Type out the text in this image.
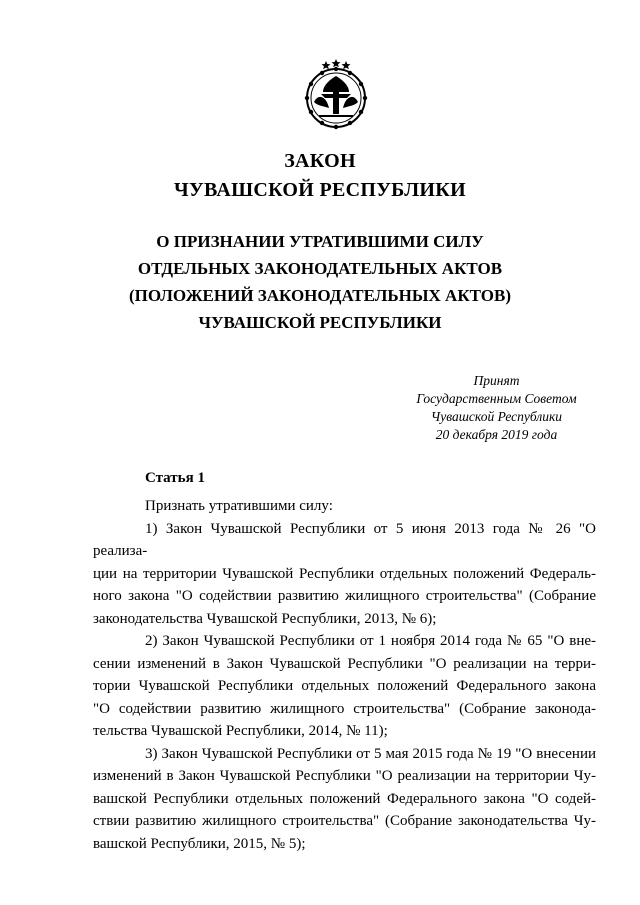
ЗАКОН
ЧУВАШСКОЙ РЕСПУБЛИКИ
О ПРИЗНАНИИ УТРАТИВШИМИ СИЛУ
ОТДЕЛЬНЫХ ЗАКОНОДАТЕЛЬНЫХ АКТОВ
(ПОЛОЖЕНИЙ ЗАКОНОДАТЕЛЬНЫХ АКТОВ)
ЧУВАШСКОЙ РЕСПУБЛИКИ
Принят
Государственным Советом
Чувашской Республики
20 декабря 2019 года
Статья 1

Признать утратившими силу:

1) Закон Чувашской Республики от 5 июня 2013 года № 26 "О реализа-

ции на территории Чувашской Республики отдельных положений Федераль-

ного закона "О содействии развитию жилищного строительства" (Собрание

законодательства Чувашской Республики, 2013, № 6);

2) Закон Чувашской Республики от 1 ноября 2014 года № 65 "О вне-

сении изменений в Закон Чувашской Республики "О реализации на терри-

тории Чувашской Республики отдельных положений Федерального закона

"О содействии развитию жилищного строительства" (Собрание законода-

тельства Чувашской Республики, 2014, № 11);

3) Закон Чувашской Республики от 5 мая 2015 года № 19 "О внесении

изменений в Закон Чувашской Республики "О реализации на территории Чу-

вашской Республики отдельных положений Федерального закона "О содей-

ствии развитию жилищного строительства" (Собрание законодательства Чу-

вашской Республики, 2015, № 5);
